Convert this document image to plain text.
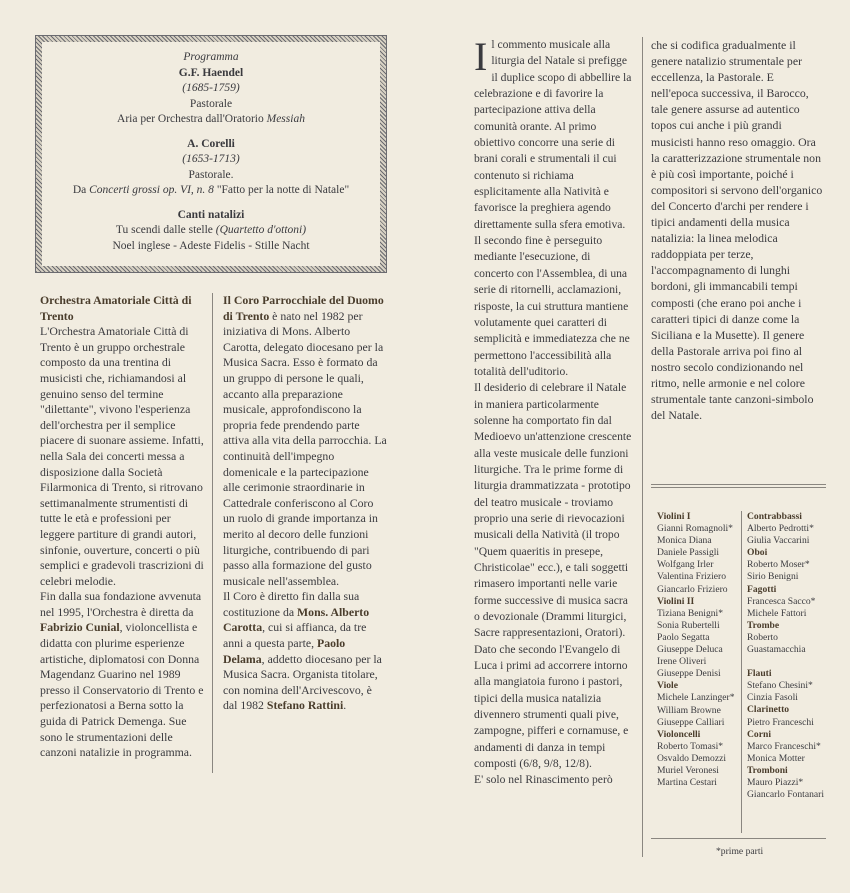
Programma
G.F. Haendel
(1685-1759)
Pastorale
Aria per Orchestra dall'Oratorio Messiah
A. Corelli
(1653-1713)
Pastorale.
Da Concerti grossi op. VI, n. 8 "Fatto per la notte di Natale"
Canti natalizi
Tu scendi dalle stelle (Quartetto d'ottoni)
Noel inglese - Adeste Fidelis - Stille Nacht

Orchestra Amatoriale Città di Trento

L'Orchestra Amatoriale Città di Trento è un gruppo orchestrale composto da una trentina di musicisti che, richiamandosi al genuino senso del termine "dilettante", vivono l'esperienza dell'orchestra per il semplice piacere di suonare assieme. Infatti, nella Sala dei concerti messa a disposizione dalla Società Filarmonica di Trento, si ritrovano settimanalmente strumentisti di tutte le età e professioni per leggere partiture di grandi autori, sinfonie, ouverture, concerti o più semplici e gradevoli trascrizioni di celebri melodie.

Fin dalla sua fondazione avvenuta nel 1995, l'Orchestra è diretta da Fabrizio Cunial, violoncellista e didatta con plurime esperienze artistiche, diplomatosi con Donna Magendanz Guarino nel 1989 presso il Conservatorio di Trento e perfezionatosi a Berna sotto la guida di Patrick Demenga. Sue sono le strumentazioni delle canzoni natalizie in programma.

Il Coro Parrocchiale del Duomo di Trento è nato nel 1982 per iniziativa di Mons. Alberto Carotta, delegato diocesano per la Musica Sacra. Esso è formato da un gruppo di persone le quali, accanto alla preparazione musicale, approfondiscono la propria fede prendendo parte attiva alla vita della parrocchia. La continuità dell'impegno domenicale e la partecipazione alle cerimonie straordinarie in Cattedrale conferiscono al Coro un ruolo di grande importanza in merito al decoro delle funzioni liturgiche, contribuendo di pari passo alla formazione del gusto musicale nell'assemblea.

Il Coro è diretto fin dalla sua costituzione da Mons. Alberto Carotta, cui si affianca, da tre anni a questa parte, Paolo Delama, addetto diocesano per la Musica Sacra. Organista titolare, con nomina dell'Arcivescovo, è dal 1982 Stefano Rattini.

Il commento musicale alla liturgia del Natale si prefigge il duplice scopo di abbellire la celebrazione e di favorire la partecipazione attiva della comunità orante. Al primo obiettivo concorre una serie di brani corali e strumentali il cui contenuto si richiama esplicitamente alla Natività e favorisce la preghiera agendo direttamente sulla sfera emotiva. Il secondo fine è perseguito mediante l'esecuzione, di concerto con l'Assemblea, di una serie di ritornelli, acclamazioni, risposte, la cui struttura mantiene volutamente quei caratteri di semplicità e immediatezza che ne permettono l'accessibilità alla totalità dell'uditorio.

Il desiderio di celebrare il Natale in maniera particolarmente solenne ha comportato fin dal Medioevo un'attenzione crescente alla veste musicale delle funzioni liturgiche. Tra le prime forme di liturgia drammatizzata - prototipo del teatro musicale - troviamo proprio una serie di rievocazioni musicali della Natività (il tropo "Quem quaeritis in presepe, Christicolae" ecc.), e tali soggetti rimasero importanti nelle varie forme successive di musica sacra o devozionale (Drammi liturgici, Sacre rappresentazioni, Oratori). Dato che secondo l'Evangelo di Luca i primi ad accorrere intorno alla mangiatoia furono i pastori, tipici della musica natalizia divennero strumenti quali pive, zampogne, pifferi e cornamuse, e andamenti di danza in tempi composti (6/8, 9/8, 12/8).

E' solo nel Rinascimento però

che si codifica gradualmente il genere natalizio strumentale per eccellenza, la Pastorale. E nell'epoca successiva, il Barocco, tale genere assurse ad autentico topos cui anche i più grandi musicisti hanno reso omaggio. Ora la caratterizzazione strumentale non è più così importante, poiché i compositori si servono dell'organico del Concerto d'archi per rendere i tipici andamenti della musica natalizia: la linea melodica raddoppiata per terze, l'accompagnamento di lunghi bordoni, gli immancabili tempi composti (che erano poi anche i caratteri tipici di danze come la Siciliana e la Musette). Il genere della Pastorale arriva poi fino al nostro secolo condizionando nel ritmo, nelle armonie e nel colore strumentale tante canzoni-simbolo del Natale.

Violini I
Gianni Romagnoli*
Monica Diana
Daniele Passigli
Wolfgang Irler
Valentina Friziero
Giancarlo Friziero
Violini II
Tiziana Benigni*
Sonia Rubertelli
Paolo Segatta
Giuseppe Deluca
Irene Oliveri
Giuseppe Denisi
Viole
Michele Lanzinger*
William Browne
Giuseppe Calliari
Violoncelli
Roberto Tomasi*
Osvaldo Demozzi
Muriel Veronesi
Martina Cestari
Contrabbassi
Alberto Pedrotti*
Giulia Vaccarini
Oboi
Roberto Moser*
Sirio Benigni
Fagotti
Francesca Sacco*
Michele Fattori
Trombe
Roberto Guastamacchia
Flauti
Stefano Chesini*
Cinzia Fasoli
Clarinetto
Pietro Franceschi
Corni
Marco Franceschi*
Monica Motter
Tromboni
Mauro Piazzi*
Giancarlo Fontanari
*prime parti
